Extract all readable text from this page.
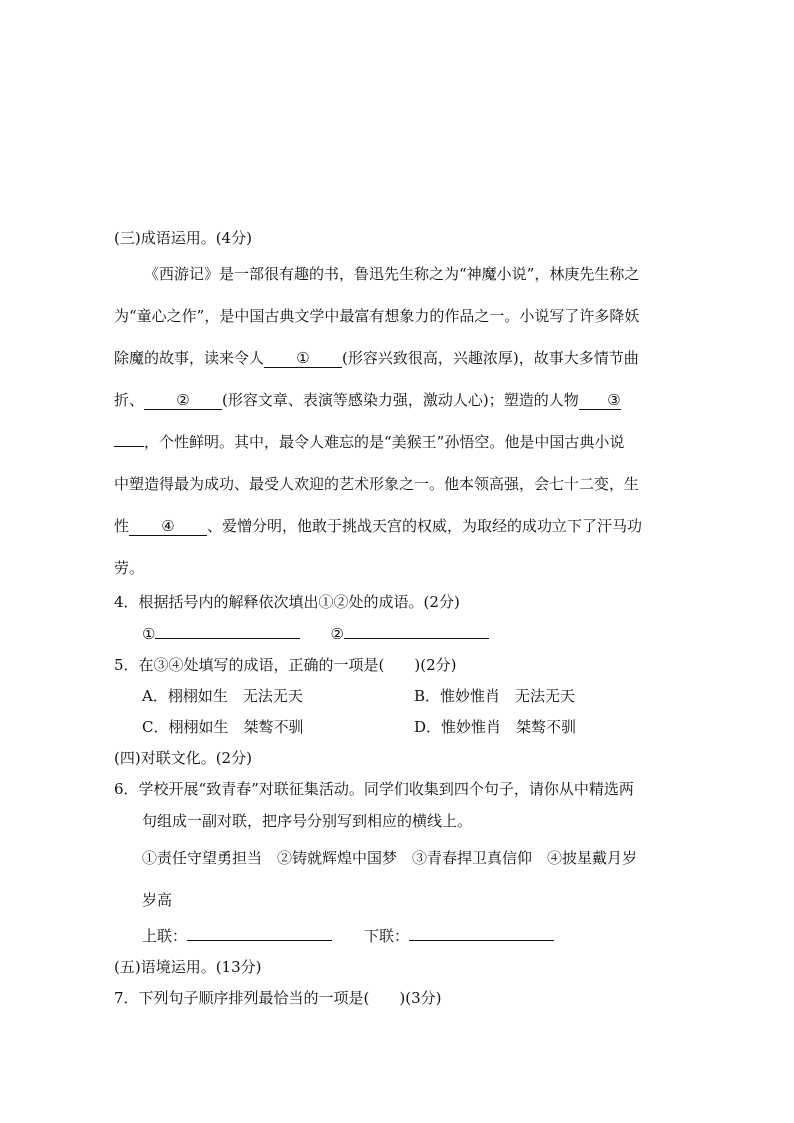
(三)成语运用。(4分)
《西游记》是一部很有趣的书，鲁迅先生称之为“神魔小说”，林庚先生称之
为“童心之作”，是中国古典文学中最富有想象力的作品之一。小说写了许多降妖
除魔的故事，读来令人 ① (形容兴致很高，兴趣浓厚)，故事大多情节曲
折、 ② (形容文章、表演等感染力强，激动人心)；塑造的人物 ③
，个性鲜明。其中，最令人难忘的是“美猴王”孙悟空。他是中国古典小说
中塑造得最为成功、最受人欢迎的艺术形象之一。他本领高强，会七十二变，生
性 ④ 、爱憎分明，他敢于挑战天宫的权威，为取经的成功立下了汗马功
劳。
4．根据括号内的解释依次填出①②处的成语。(2分)
①	②
5．在③④处填写的成语，正确的一项是(　　)(2分)
A．栩栩如生　无法无天	B．惟妙惟肖　无法无天
C．栩栩如生　桀骜不驯	D．惟妙惟肖　桀骜不驯
(四)对联文化。(2分)
6．学校开展“致青春”对联征集活动。同学们收集到四个句子，请你从中精选两
句组成一副对联，把序号分别写到相应的横线上。
①责任守望勇担当　②铸就辉煌中国梦　③青春捍卫真信仰　④披星戴月岁
岁高
上联：	下联：
(五)语境运用。(13分)
7．下列句子顺序排列最恰当的一项是(　　)(3分)
